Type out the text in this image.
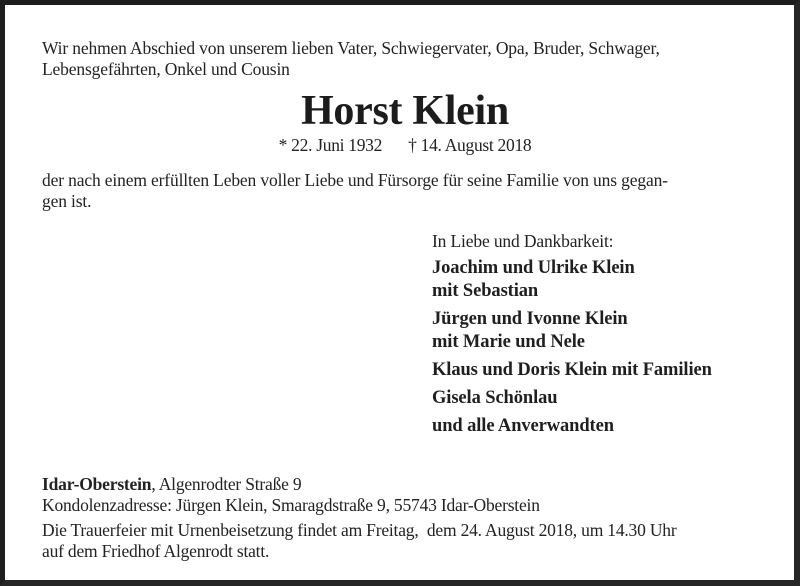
Wir nehmen Abschied von unserem lieben Vater, Schwiegervater, Opa, Bruder, Schwager,
Lebensgefährten, Onkel und Cousin
Horst Klein
* 22. Juni 1932 † 14. August 2018
der nach einem erfüllten Leben voller Liebe und Fürsorge für seine Familie von uns gegan-
gen ist.
In Liebe und Dankbarkeit:
Joachim und Ulrike Klein
mit Sebastian
Jürgen und Ivonne Klein
mit Marie und Nele
Klaus und Doris Klein mit Familien
Gisela Schönlau
und alle Anverwandten
Idar-Oberstein, Algenrodter Straße 9
Kondolenzadresse: Jürgen Klein, Smaragdstraße 9, 55743 Idar-Oberstein
Die Trauerfeier mit Urnenbeisetzung findet am Freitag,  dem 24. August 2018, um 14.30 Uhr
auf dem Friedhof Algenrodt statt.
